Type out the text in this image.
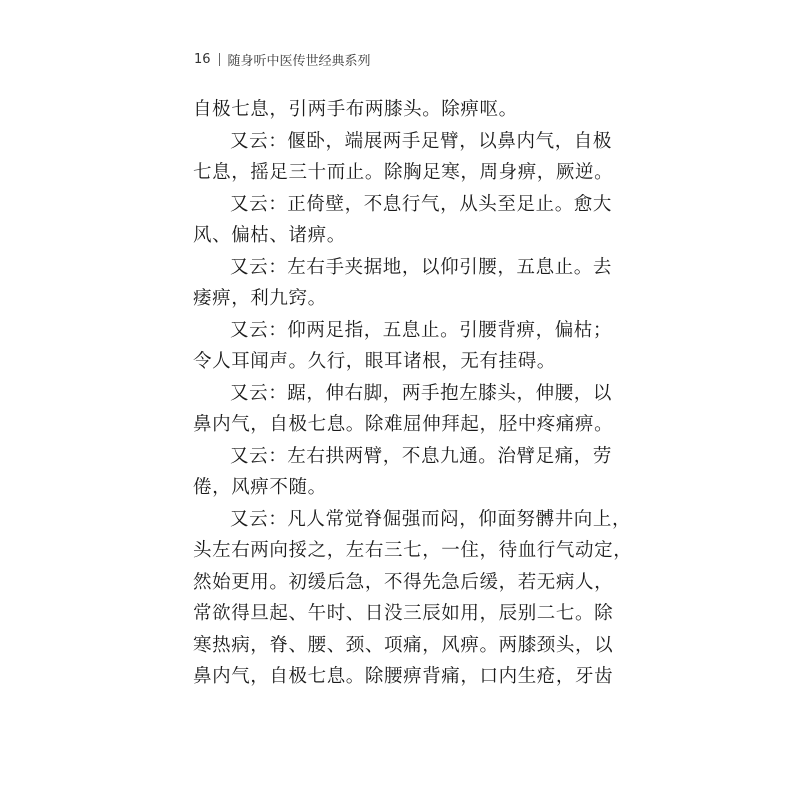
16 随身听中医传世经典系列
自极七息，引两手布两膝头。除痹呕。
又云：偃卧，端展两手足臂，以鼻内气，自极
七息，摇足三十而止。除胸足寒，周身痹，厥逆。
又云：正倚壁，不息行气，从头至足止。愈大
风、偏枯、诸痹。
又云：左右手夹据地，以仰引腰，五息止。去
痿痹，利九窍。
又云：仰两足指，五息止。引腰背痹，偏枯；
令人耳闻声。久行，眼耳诸根，无有挂碍。
又云：踞，伸右脚，两手抱左膝头，伸腰，以
鼻内气，自极七息。除难屈伸拜起，胫中疼痛痹。
又云：左右拱两臂，不息九通。治臂足痛，劳
倦，风痹不随。
又云：凡人常觉脊倔强而闷，仰面努髆井向上，
头左右两向挼之，左右三七，一住，待血行气动定，
然始更用。初缓后急，不得先急后缓，若无病人，
常欲得旦起、午时、日没三辰如用，辰别二七。除
寒热病，脊、腰、颈、项痛，风痹。两膝颈头，以
鼻内气，自极七息。除腰痹背痛，口内生疮，牙齿
